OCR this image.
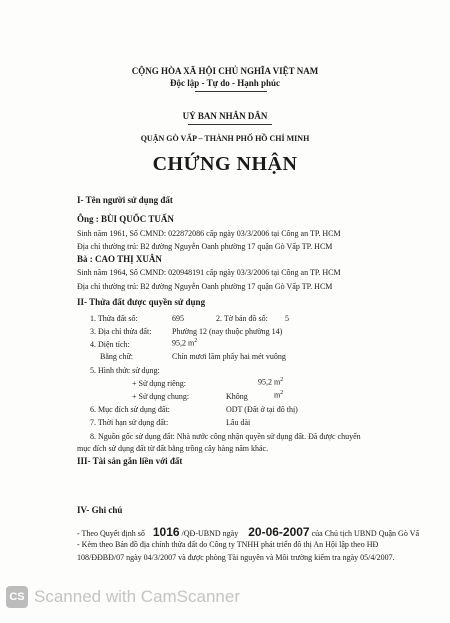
CỘNG HÒA XÃ HỘI CHỦ NGHĨA VIỆT NAM
Độc lập - Tự do - Hạnh phúc
UỶ BAN NHÂN DÂN
QUẬN GÒ VẤP – THÀNH PHỐ HỒ CHÍ MINH
CHỨNG NHẬN
I- Tên người sử dụng đất
Ông : BÙI QUỐC TUẤN
Sinh năm 1961, Số CMND: 022872086 cấp ngày 03/3/2006 tại Công an TP. HCM
Địa chỉ thường trú: B2 đường Nguyễn Oanh phường 17 quận Gò Vấp TP. HCM
Bà : CAO THỊ XUÂN
Sinh năm 1964, Số CMND: 020948191 cấp ngày 03/3/2006 tại Công an TP. HCM
Địa chỉ thường trú: B2 đường Nguyễn Oanh phường 17 quận Gò Vấp TP. HCM
II- Thửa đất được quyền sử dụng
1. Thửa đất số:	695	2. Tờ bản đồ số: 5
3. Địa chỉ thửa đất:	Phường 12 (nay thuộc phường 14)
4. Diện tích:	95,2 $m^2$
Bằng chữ:	Chín mươi lăm phẩy hai mét vuông
5. Hình thức sử dụng:
+ Sử dụng riêng:	95,2 $m^2$
+ Sử dụng chung:	Không	$m^2$
6. Mục đích sử dụng đất:	ODT (Đất ở tại đô thị)
7. Thời hạn sử dụng đất:	Lâu dài
8. Nguồn gốc sử dụng đất: Nhà nước công nhận quyền sử dụng đất. Đã được chuyển
mục đích sử dụng đất từ đất bằng trồng cây hàng năm khác.
III- Tài sản gắn liền với đất
IV- Ghi chú
- Theo Quyết định số 1016 /QĐ-UBND ngày 20-06-2007 của Chủ tịch UBND Quận Gò Vấ
- Kèm theo Bản đồ địa chính thửa đất do Công ty TNHH phát triển đô thị An Hội lập theo HĐ
108/ĐĐBĐ/07 ngày 04/3/2007 và được phòng Tài nguyên và Môi trường kiểm tra ngày 05/4/2007.
CS Scanned with CamScanner
